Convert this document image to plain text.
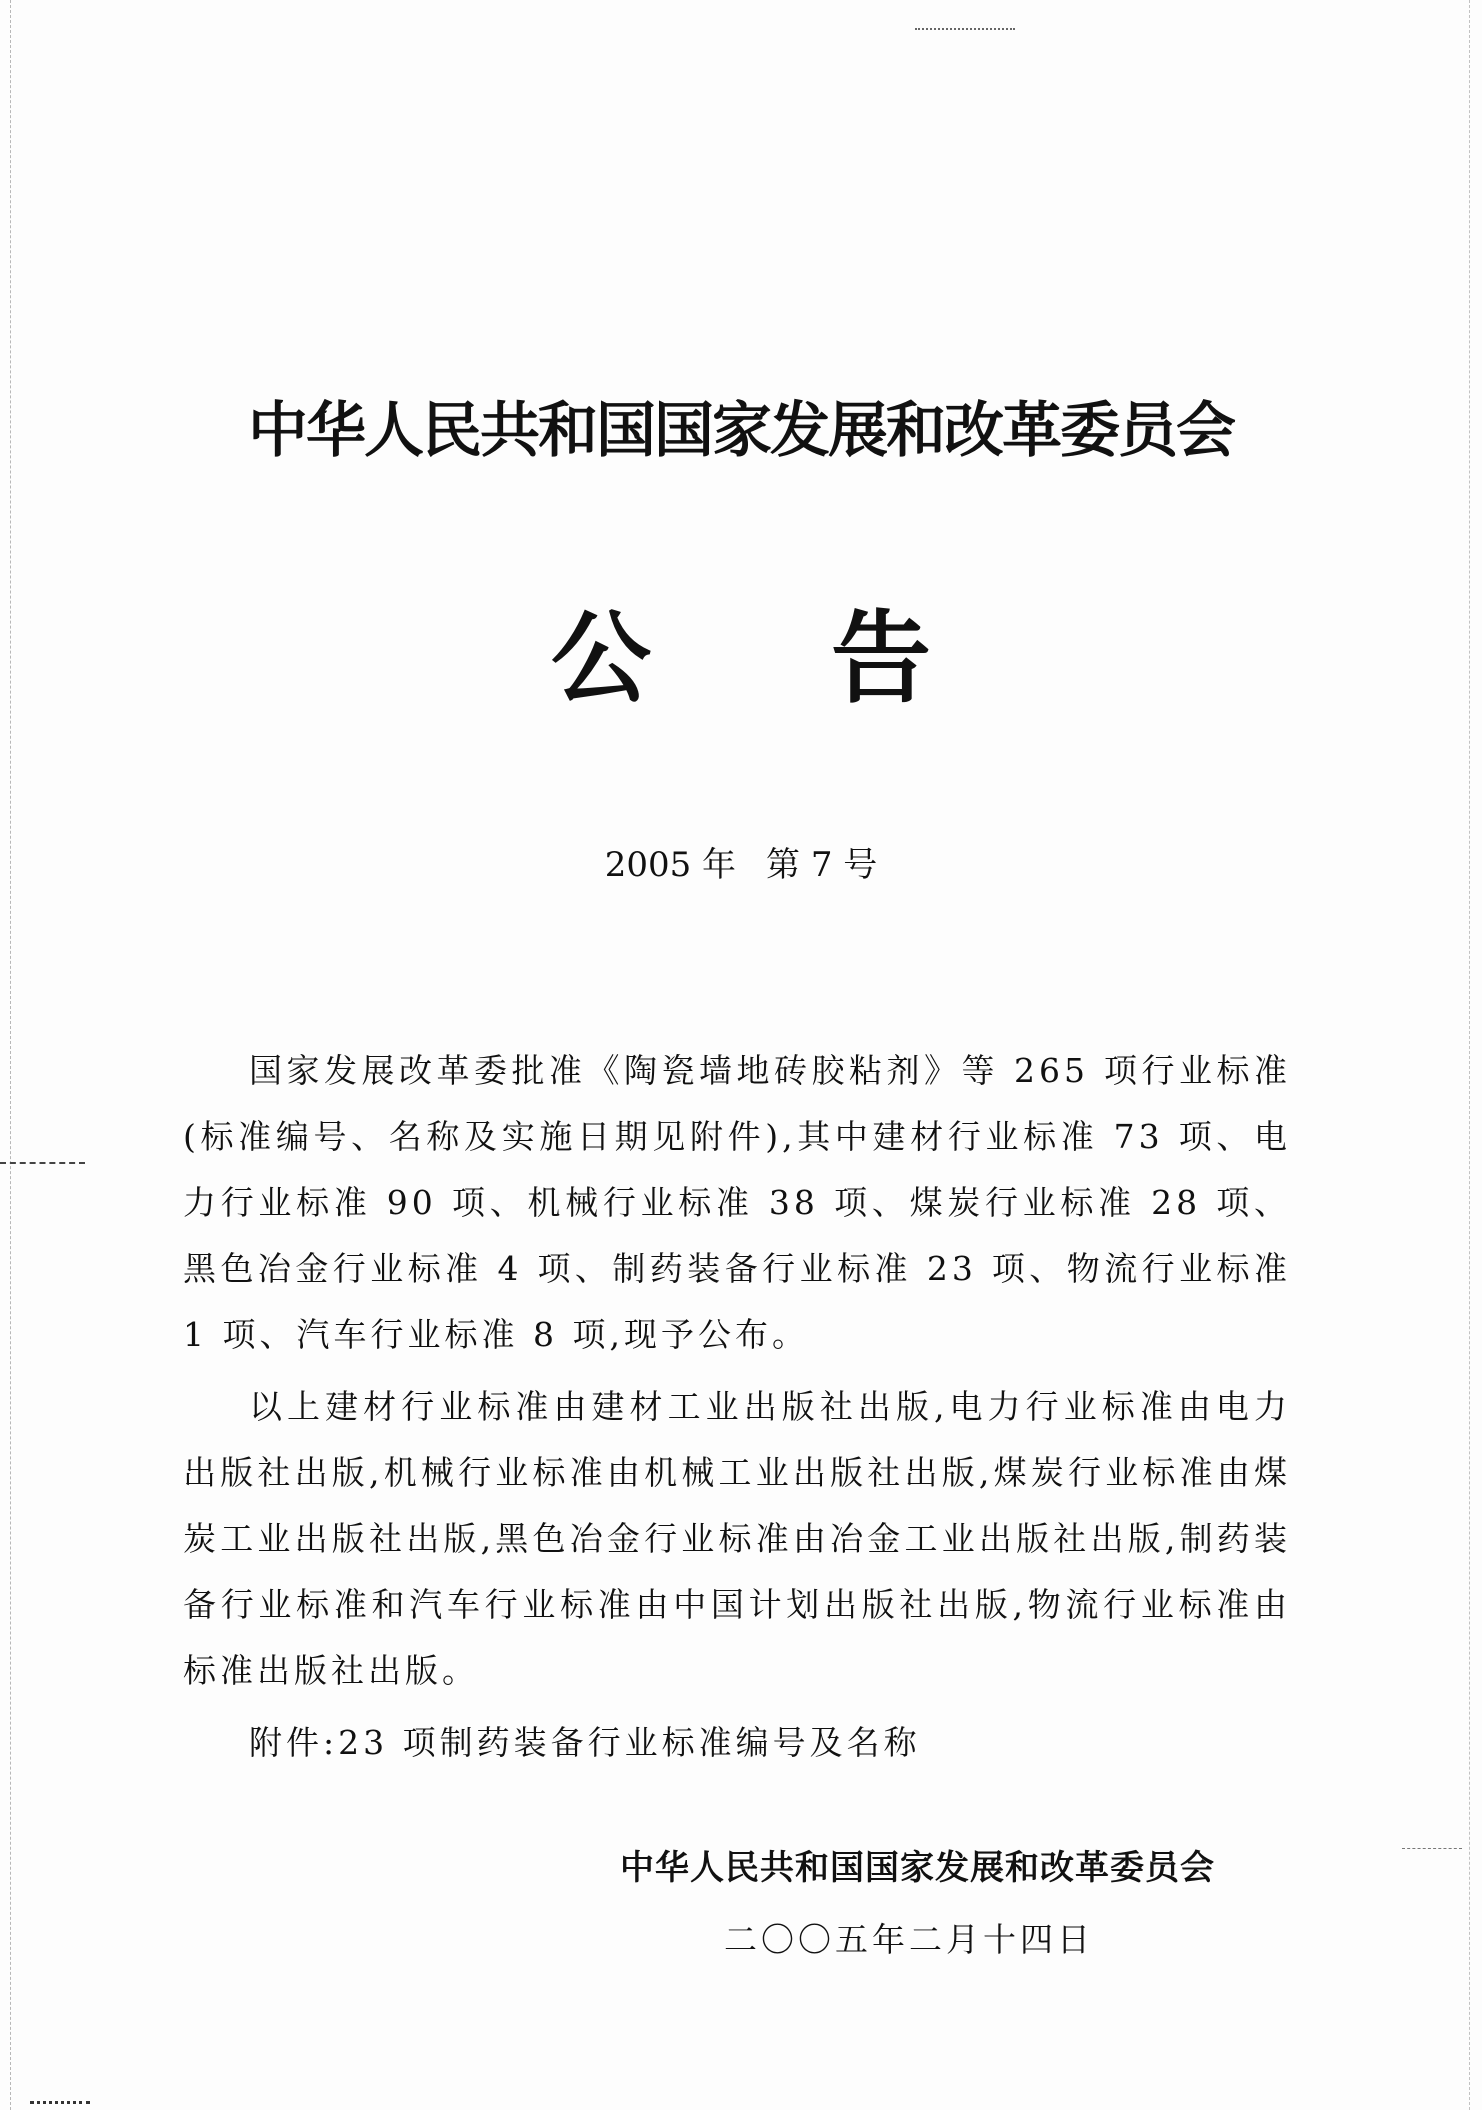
中华人民共和国国家发展和改革委员会
公 告
2005 年 第 7 号

国家发展改革委批准《陶瓷墙地砖胶粘剂》等 265 项行业标准(标准编号、名称及实施日期见附件),其中建材行业标准 73 项、电力行业标准 90 项、机械行业标准 38 项、煤炭行业标准 28 项、黑色冶金行业标准 4 项、制药装备行业标准 23 项、物流行业标准 1 项、汽车行业标准 8 项,现予公布。

以上建材行业标准由建材工业出版社出版,电力行业标准由电力出版社出版,机械行业标准由机械工业出版社出版,煤炭行业标准由煤炭工业出版社出版,黑色冶金行业标准由冶金工业出版社出版,制药装备行业标准和汽车行业标准由中国计划出版社出版,物流行业标准由标准出版社出版。

附件:23 项制药装备行业标准编号及名称

中华人民共和国国家发展和改革委员会
二〇〇五年二月十四日
